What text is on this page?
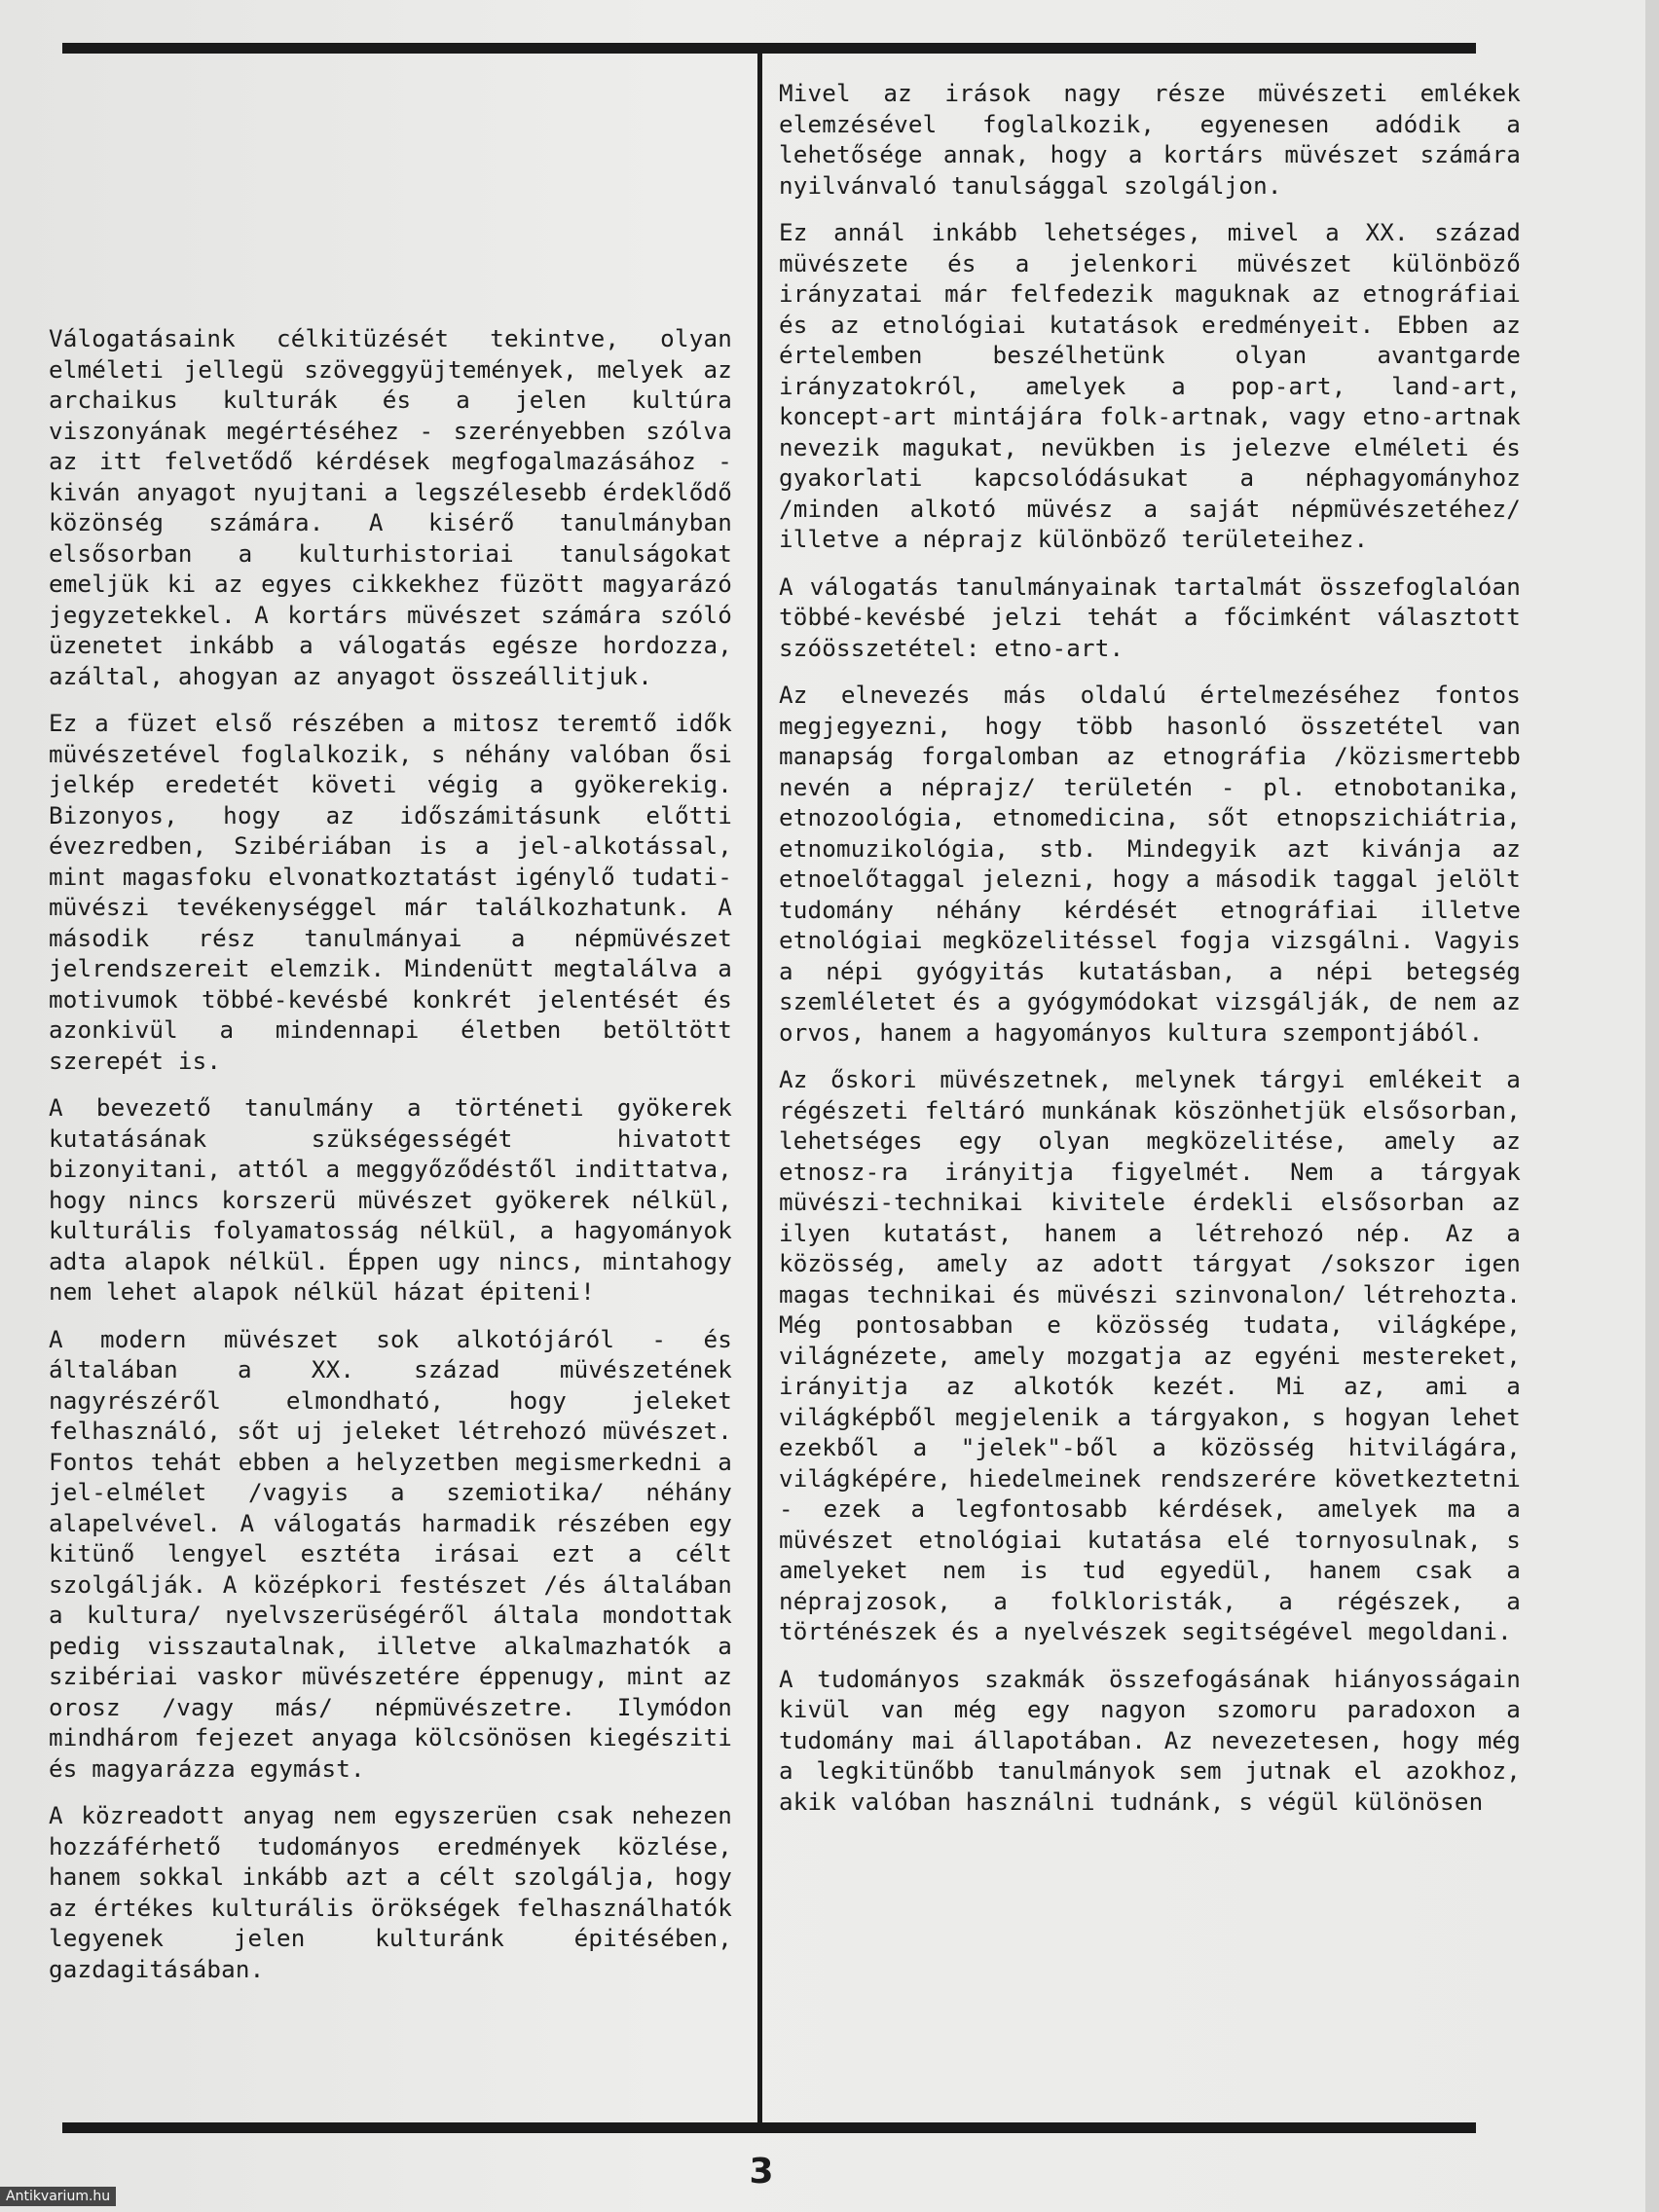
Válogatásaink célkitüzését tekintve, olyan elméleti jellegü szöveggyüjtemények, melyek az archaikus kulturák és a jelen kultúra viszonyának megértéséhez - szerényebben szólva az itt felvetődő kérdések megfogalmazásához - kiván anyagot nyujtani a legszélesebb érdeklődő közönség számára. A kisérő tanulmányban elsősorban a kulturhistoriai tanulságokat emeljük ki az egyes cikkekhez füzött magyarázó jegyzetekkel. A kortárs müvészet számára szóló üzenetet inkább a válogatás egésze hordozza, azáltal, ahogyan az anyagot összeállitjuk.

Ez a füzet első részében a mitosz teremtő idők müvészetével foglalkozik, s néhány valóban ősi jelkép eredetét követi végig a gyökerekig. Bizonyos, hogy az időszámitásunk előtti évezredben, Szibériában is a jel-alkotással, mint magasfoku elvonatkoztatást igénylő tudati-müvészi tevékenységgel már találkozhatunk. A második rész tanulmányai a népmüvészet jelrendszereit elemzik. Mindenütt megtalálva a motivumok többé-kevésbé konkrét jelentését és azonkivül a mindennapi életben betöltött szerepét is.

A bevezető tanulmány a történeti gyökerek kutatásának szükségességét hivatott bizonyitani, attól a meggyőződéstől indittatva, hogy nincs korszerü müvészet gyökerek nélkül, kulturális folyamatosság nélkül, a hagyományok adta alapok nélkül. Éppen ugy nincs, mintahogy nem lehet alapok nélkül házat épiteni!

A modern müvészet sok alkotójáról - és általában a XX. század müvészetének nagyrészéről elmondható, hogy jeleket felhasználó, sőt uj jeleket létrehozó müvészet. Fontos tehát ebben a helyzetben megismerkedni a jel-elmélet /vagyis a szemiotika/ néhány alapelvével. A válogatás harmadik részében egy kitünő lengyel esztéta irásai ezt a célt szolgálják. A középkori festészet /és általában a kultura/ nyelvszerüségéről általa mondottak pedig visszautalnak, illetve alkalmazhatók a szibériai vaskor müvészetére éppenugy, mint az orosz /vagy más/ népmüvészetre. Ilymódon mindhárom fejezet anyaga kölcsönösen kiegésziti és magyarázza egymást.

A közreadott anyag nem egyszerüen csak nehezen hozzáférhető tudományos eredmények közlése, hanem sokkal inkább azt a célt szolgálja, hogy az értékes kulturális örökségek felhasználhatók legyenek jelen kulturánk épitésében, gazdagitásában.

Mivel az irások nagy része müvészeti emlékek elemzésével foglalkozik, egyenesen adódik a lehetősége annak, hogy a kortárs müvészet számára nyilvánvaló tanulsággal szolgáljon.

Ez annál inkább lehetséges, mivel a XX. század müvészete és a jelenkori müvészet különböző irányzatai már felfedezik maguknak az etnográfiai és az etnológiai kutatások eredményeit. Ebben az értelemben beszélhetünk olyan avantgarde irányzatokról, amelyek a pop-art, land-art, koncept-art mintájára folk-artnak, vagy etno-artnak nevezik magukat, nevükben is jelezve elméleti és gyakorlati kapcsolódásukat a néphagyományhoz /minden alkotó müvész a saját népmüvészetéhez/ illetve a néprajz különböző területeihez.

A válogatás tanulmányainak tartalmát összefoglalóan többé-kevésbé jelzi tehát a főcimként választott szóösszetétel: etno-art.

Az elnevezés más oldalú értelmezéséhez fontos megjegyezni, hogy több hasonló összetétel van manapság forgalomban az etnográfia /közismertebb nevén a néprajz/ területén - pl. etnobotanika, etnozoológia, etnomedicina, sőt etnopszichiátria, etnomuzikológia, stb. Mindegyik azt kivánja az etnoelőtaggal jelezni, hogy a második taggal jelölt tudomány néhány kérdését etnográfiai illetve etnológiai megközelitéssel fogja vizsgálni. Vagyis a népi gyógyitás kutatásban, a népi betegség szemléletet és a gyógymódokat vizsgálják, de nem az orvos, hanem a hagyományos kultura szempontjából.

Az őskori müvészetnek, melynek tárgyi emlékeit a régészeti feltáró munkának köszönhetjük elsősorban, lehetséges egy olyan megközelitése, amely az etnosz-ra irányitja figyelmét. Nem a tárgyak müvészi-technikai kivitele érdekli elsősorban az ilyen kutatást, hanem a létrehozó nép. Az a közösség, amely az adott tárgyat /sokszor igen magas technikai és müvészi szinvonalon/ létrehozta. Még pontosabban e közösség tudata, világképe, világnézete, amely mozgatja az egyéni mestereket, irányitja az alkotók kezét. Mi az, ami a világképből megjelenik a tárgyakon, s hogyan lehet ezekből a "jelek"-ből a közösség hitvilágára, világképére, hiedelmeinek rendszerére következtetni - ezek a legfontosabb kérdések, amelyek ma a müvészet etnológiai kutatása elé tornyosulnak, s amelyeket nem is tud egyedül, hanem csak a néprajzosok, a folkloristák, a régészek, a történészek és a nyelvészek segitségével megoldani.

A tudományos szakmák összefogásának hiányosságain kivül van még egy nagyon szomoru paradoxon a tudomány mai állapotában. Az nevezetesen, hogy még a legkitünőbb tanulmányok sem jutnak el azokhoz, akik valóban használni tudnánk, s végül különösen

3
Antikvarium.hu
